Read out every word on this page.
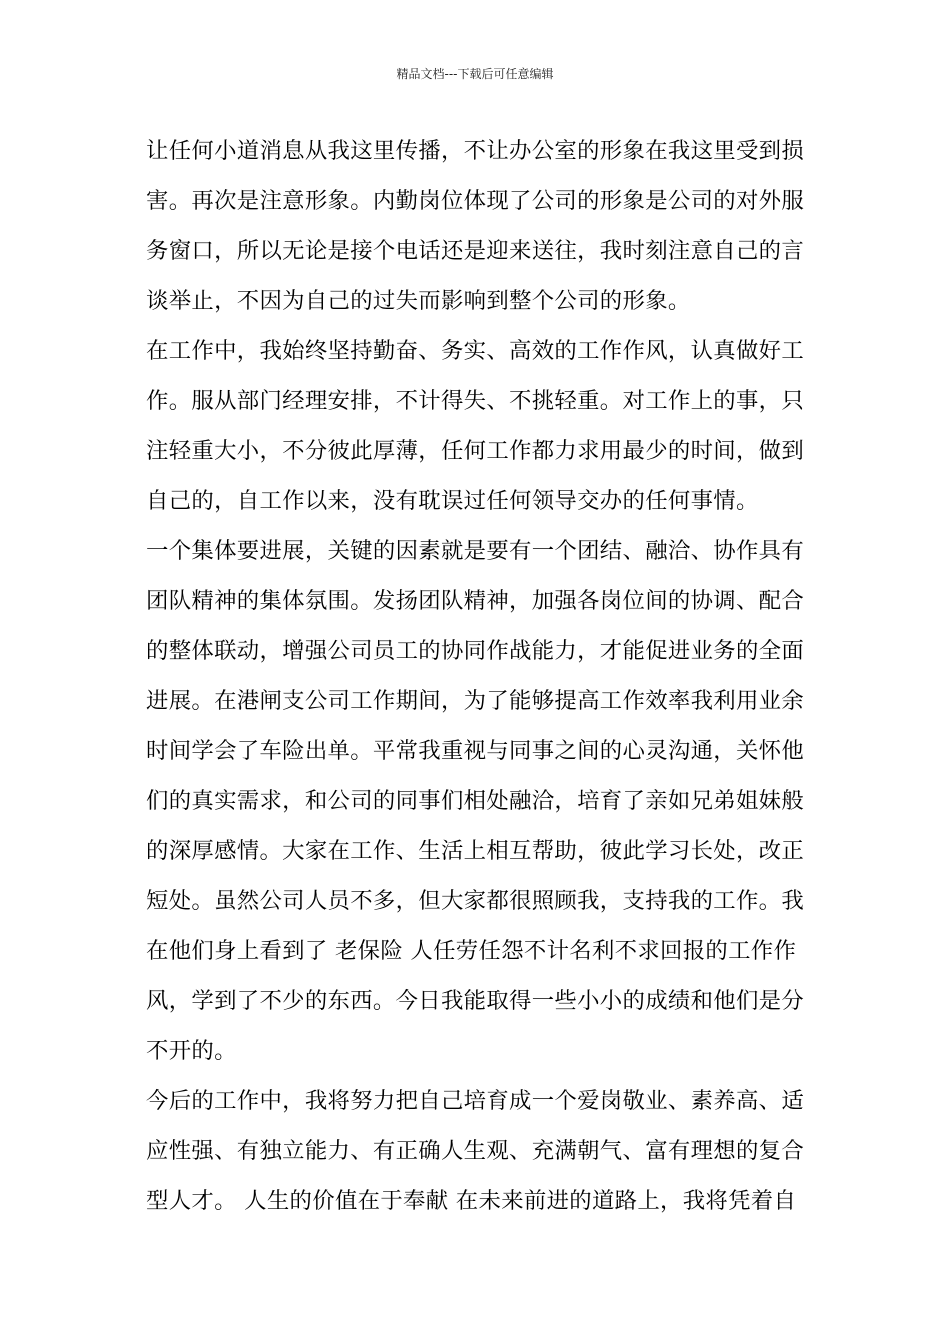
精品文档---下载后可任意编辑
让任何小道消息从我这里传播，不让办公室的形象在我这里受到损
害。再次是注意形象。内勤岗位体现了公司的形象是公司的对外服
务窗口，所以无论是接个电话还是迎来送往，我时刻注意自己的言
谈举止，不因为自己的过失而影响到整个公司的形象。
在工作中，我始终坚持勤奋、务实、高效的工作作风，认真做好工
作。服从部门经理安排，不计得失、不挑轻重。对工作上的事，只
注轻重大小，不分彼此厚薄，任何工作都力求用最少的时间，做到
自己的，自工作以来，没有耽误过任何领导交办的任何事情。
一个集体要进展，关键的因素就是要有一个团结、融洽、协作具有
团队精神的集体氛围。发扬团队精神，加强各岗位间的协调、配合
的整体联动，增强公司员工的协同作战能力，才能促进业务的全面
进展。在港闸支公司工作期间，为了能够提高工作效率我利用业余
时间学会了车险出单。平常我重视与同事之间的心灵沟通，关怀他
们的真实需求，和公司的同事们相处融洽，培育了亲如兄弟姐妹般
的深厚感情。大家在工作、生活上相互帮助，彼此学习长处，改正
短处。虽然公司人员不多，但大家都很照顾我，支持我的工作。我
在他们身上看到了 老保险 人任劳任怨不计名利不求回报的工作作
风，学到了不少的东西。今日我能取得一些小小的成绩和他们是分
不开的。
今后的工作中，我将努力把自己培育成一个爱岗敬业、素养高、适
应性强、有独立能力、有正确人生观、充满朝气、富有理想的复合
型人才。 人生的价值在于奉献 在未来前进的道路上，我将凭着自
